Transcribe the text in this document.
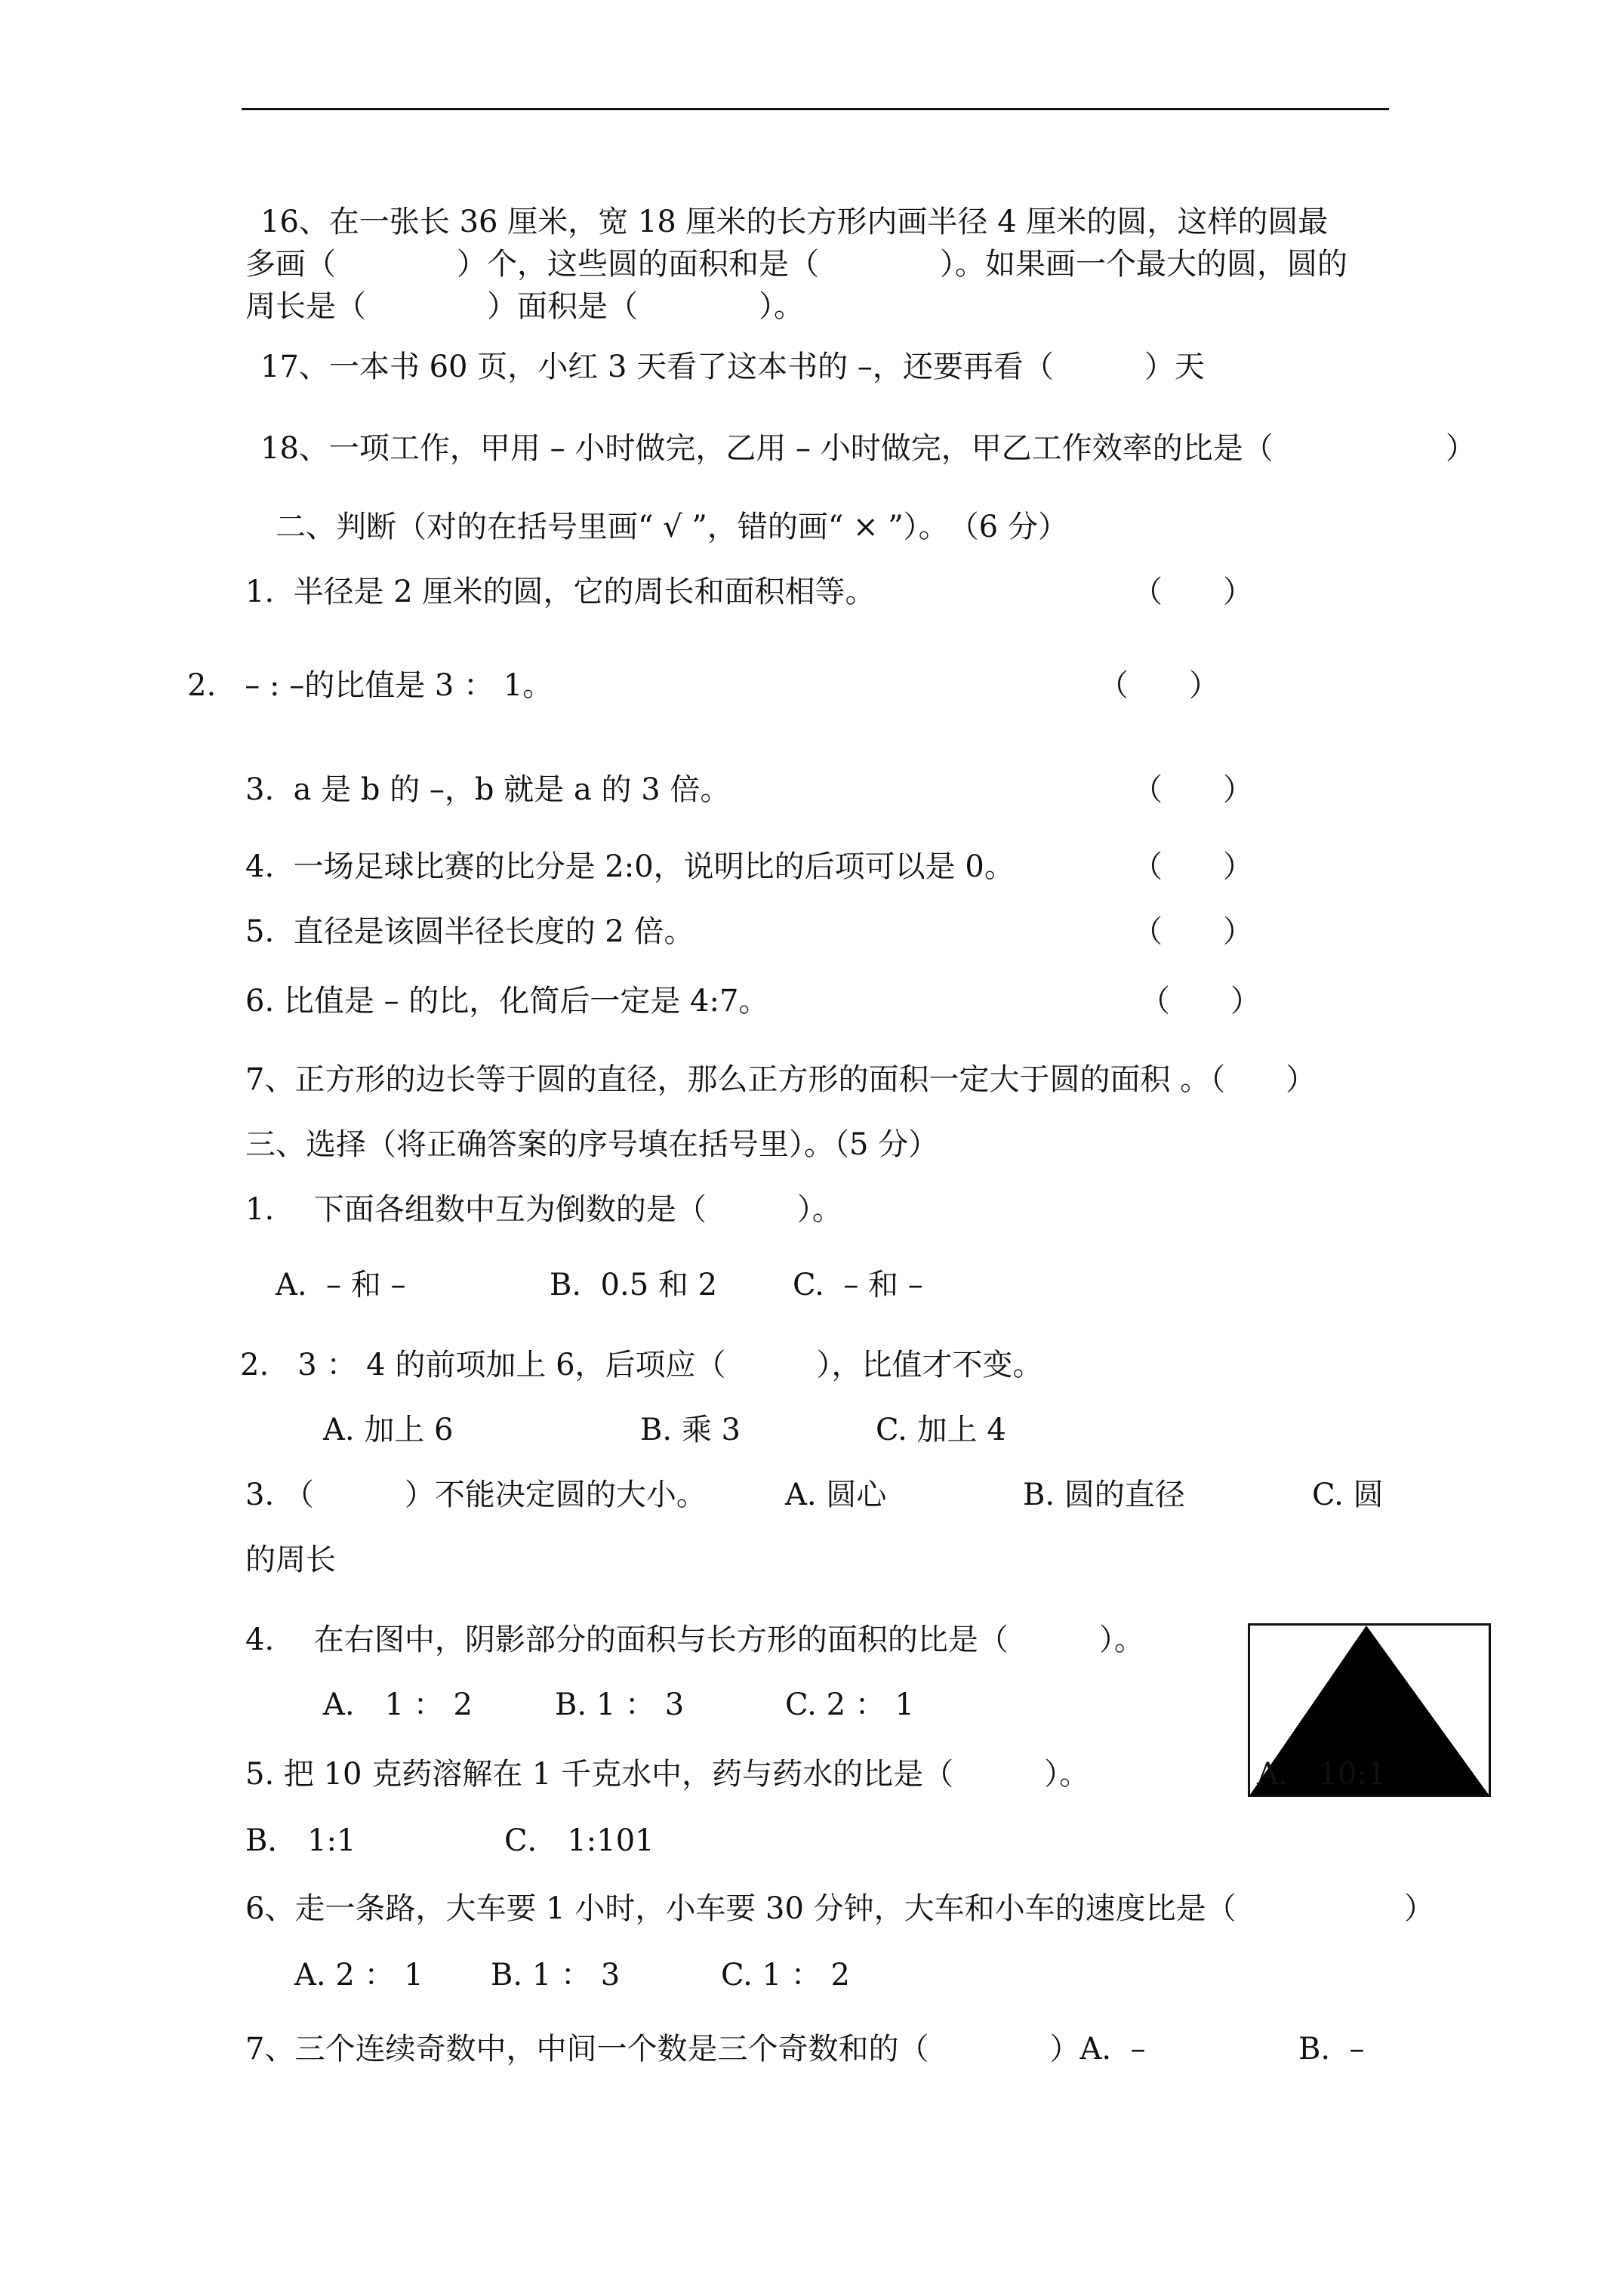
16、在一张长 36 厘米，宽 18 厘米的长方形内画半径 4 厘米的圆，这样的圆最
多画（　　　　）个，这些圆的面积和是（　　　　）。如果画一个最大的圆，圆的
周长是（　　　　）面积是（　　　　）。
17、一本书 60 页，小红 3 天看了这本书的 –，还要再看（　　　）天
18、一项工作，甲用 – 小时做完，乙用 – 小时做完，甲乙工作效率的比是（	）
二、判断（对的在括号里画“ √ ”，错的画“ × ”）。　（6 分）
1.  半径是 2 厘米的圆，它的周长和面积相等。	（　　）
2.   – : –的比值是 3 ： 1。	（　　）
3.  a 是 b 的 –，b 就是 a 的 3 倍。	（　　）
4.  一场足球比赛的比分是 2:0，说明比的后项可以是 0。	（　　）
5.  直径是该圆半径长度的 2 倍。	（　　）
6. 比值是 – 的比，化简后一定是 4:7。	（　　）
7、正方形的边长等于圆的直径，那么正方形的面积一定大于圆的面积 。（　　）
三、选择（将正确答案的序号填在括号里）。（5 分）
1.　 下面各组数中互为倒数的是（　　　）。
A.  – 和 –	B.  0.5 和 2 C.  – 和 –
2.   3 ： 4 的前项加上 6，后项应（　　　），比值才不变。
A. 加上 6	B. 乘 3	C. 加上 4
3. （　　　）不能决定圆的大小。	A. 圆心	B. 圆的直径	C. 圆
的周长
4.　 在右图中，阴影部分的面积与长方形的面积的比是（　　　）。
A.　1 ： 2	B. 1 ： 3	C. 2 ： 1
5. 把 10 克药溶解在 1 千克水中，药与药水的比是（　　　）。	A． 10:1
B． 1:1	C． 1:101
6、走一条路，大车要 1 小时，小车要 30 分钟，大车和小车的速度比是（	）
A. 2 ： 1 B. 1 ： 3	C. 1 ： 2
7、三个连续奇数中，中间一个数是三个奇数和的（　　　　）A.  –	B.  –
